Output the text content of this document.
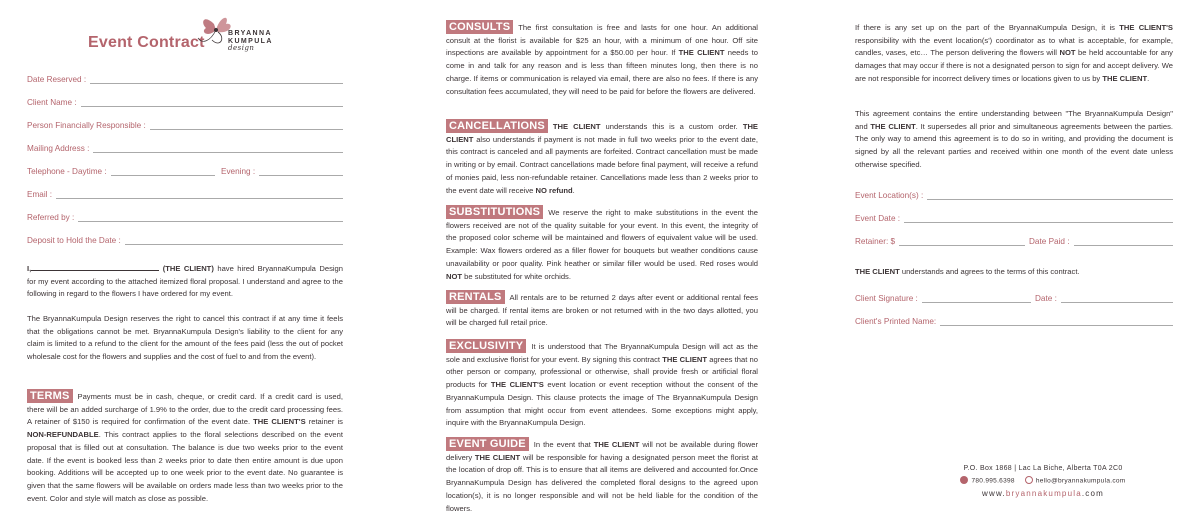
Event Contract
BRYANNA
KUMPULA
design
Date Reserved :
Client Name :
Person Financially Responsible :
Mailing Address :
Telephone - Daytime :	Evening :
Email :
Referred by :
Deposit to Hold the Date :

I,	(THE CLIENT) have hired BryannaKumpula Design for my event according to the attached itemized floral proposal. I understand and agree to the following in regard to the flowers I have ordered for my event.

The BryannaKumpula Design reserves the right to cancel this contract if at any time it feels that the obligations cannot be met. BryannaKumpula Design's liability to the client for any claim is limited to a refund to the client for the amount of the fees paid (less the out of pocket wholesale cost for the flowers and supplies and the cost of fuel to and from the event).

TERMS Payments must be in cash, cheque, or credit card. If a credit card is used, there will be an added surcharge of 1.9% to the order, due to the credit card processing fees. A retainer of $150 is required for confirmation of the event date. THE CLIENT'S retainer is NON-REFUNDABLE. This contract applies to the floral selections described on the event proposal that is filled out at consultation. The balance is due two weeks prior to the event date. If the event is booked less than 2 weeks prior to date then entire amount is due upon booking. Additions will be accepted up to one week prior to the event date. No guarantee is given that the same flowers will be available on orders made less than two weeks prior to the event. Color and style will match as close as possible.

CONSULTS The first consultation is free and lasts for one hour. An additional consult at the florist is available for $25 an hour, with a minimum of one hour. Off site inspections are available by appointment for a $50.00 per hour. If THE CLIENT needs to come in and talk for any reason and is less than fifteen minutes long, then there is no charge. If items or communication is relayed via email, there are also no fees. If there is any consultation fees accumulated, they will need to be paid for before the flowers are delivered.

CANCELLATIONS THE CLIENT understands this is a custom order. THE CLIENT also understands if payment is not made in full two weeks prior to the event date, this contract is canceled and all payments are forfeited. Contract cancellation must be made in writing or by email. Contract cancellations made before final payment, will receive a refund of monies paid, less non-refundable retainer. Cancellations made less than 2 weeks prior to the event date will receive NO refund.

SUBSTITUTIONS We reserve the right to make substitutions in the event the flowers received are not of the quality suitable for your event. In this event, the integrity of the proposed color scheme will be maintained and flowers of equivalent value will be used. Example: Wax flowers ordered as a filler flower for bouquets but weather conditions cause unavailability or poor quality. Pink heather or similar filler would be used. Red roses would NOT be substituted for white orchids.

RENTALS All rentals are to be returned 2 days after event or additional rental fees will be charged. If rental items are broken or not returned with in the two days allotted, you will be charged full retail price.

EXCLUSIVITY It is understood that The BryannaKumpula Design will act as the sole and exclusive florist for your event. By signing this contract THE CLIENT agrees that no other person or company, professional or otherwise, shall provide fresh or artificial floral products for THE CLIENT'S event location or event reception without the consent of the BryannaKumpula Design. This clause protects the image of The BryannaKumpula Design from assumption that might occur from event attendees. Some exceptions might apply, inquire with the BryannaKumpula Design.

EVENT GUIDE In the event that THE CLIENT will not be available during flower delivery THE CLIENT will be responsible for having a designated person meet the florist at the location of drop off. This is to ensure that all items are delivered and accounted for.Once BryannaKumpula Design has delivered the completed floral designs to the agreed upon location(s), it is no longer responsible and will not be held liable for the condition of the flowers.

If there is any set up on the part of the BryannaKumpula Design, it is THE CLIENT'S responsibility with the event location(s') coordinator as to what is acceptable, for example, candles, vases, etc… The person delivering the flowers will NOT be held accountable for any damages that may occur if there is not a designated person to sign for and accept delivery. We are not responsible for incorrect delivery times or locations given to us by THE CLIENT.

This agreement contains the entire understanding between "The BryannaKumpula Design" and THE CLIENT. It supersedes all prior and simultaneous agreements between the parties. The only way to amend this agreement is to do so in writing, and providing the document is signed by all the relevant parties and received within one month of the event date unless otherwise specified.

Event Location(s) :
Event Date :
Retainer: $	Date Paid :

THE CLIENT understands and agrees to the terms of this contract.

Client Signature :	Date :
Client's Printed Name:
P.O. Box 1868 | Lac La Biche, Alberta T0A 2C0
780.995.6398	hello@bryannakumpula.com
www.bryannakumpula.com
